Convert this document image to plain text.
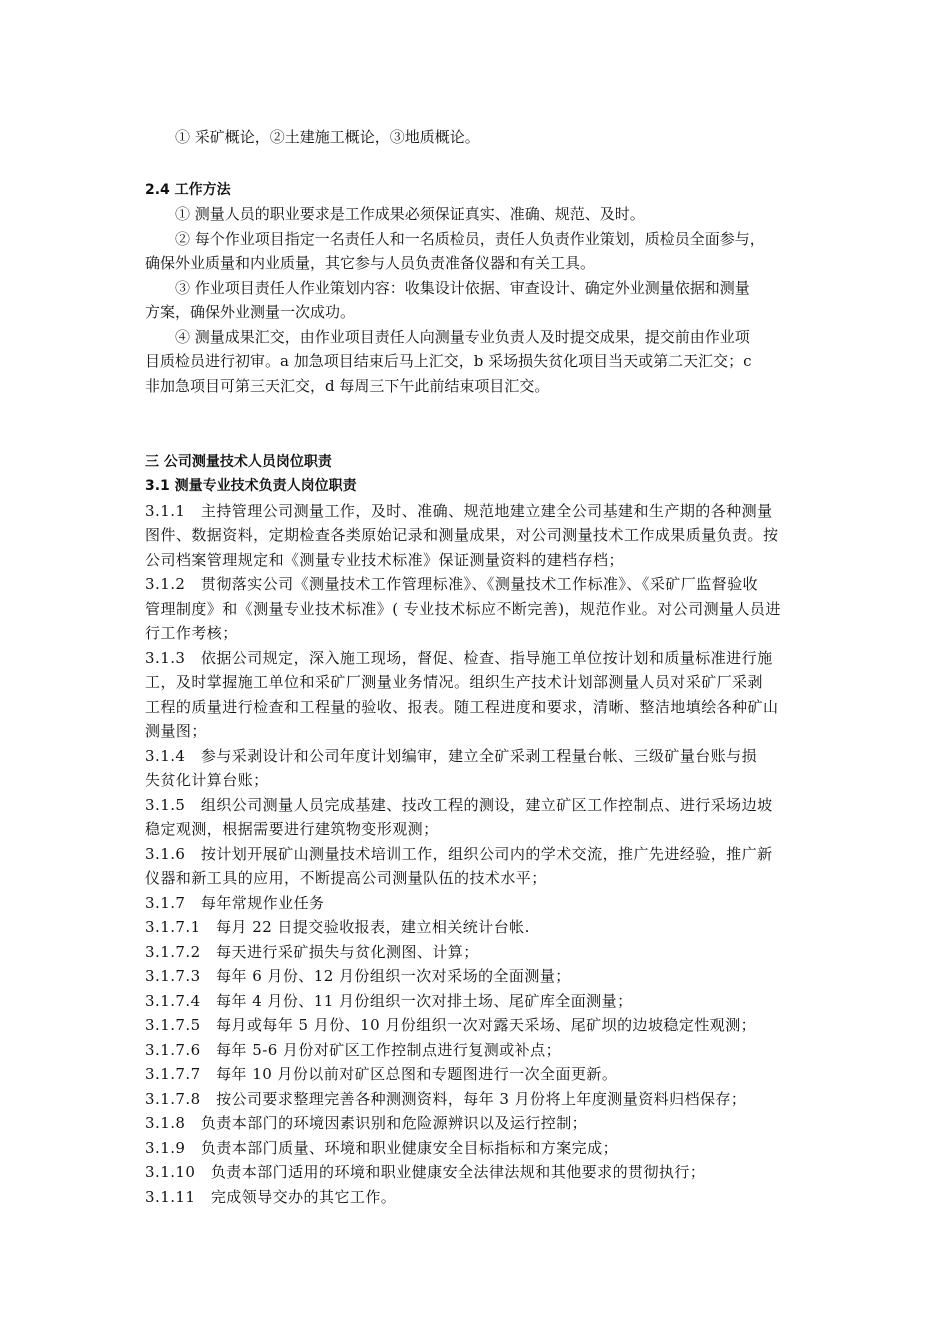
① 采矿概论，②土建施工概论，③地质概论。
2.4 工作方法
① 测量人员的职业要求是工作成果必须保证真实、准确、规范、及时。
② 每个作业项目指定一名责任人和一名质检员，责任人负责作业策划，质检员全面参与，
确保外业质量和内业质量，其它参与人员负责准备仪器和有关工具。
③ 作业项目责任人作业策划内容：收集设计依据、审查设计、确定外业测量依据和测量
方案，确保外业测量一次成功。
④ 测量成果汇交，由作业项目责任人向测量专业负责人及时提交成果，提交前由作业项
目质检员进行初审。a 加急项目结束后马上汇交，b 采场损失贫化项目当天或第二天汇交；c
非加急项目可第三天汇交，d 每周三下午此前结束项目汇交。
三 公司测量技术人员岗位职责
3.1 测量专业技术负责人岗位职责
3.1.1　主持管理公司测量工作，及时、准确、规范地建立建全公司基建和生产期的各种测量
图件、数据资料，定期检查各类原始记录和测量成果，对公司测量技术工作成果质量负责。按
公司档案管理规定和《测量专业技术标准》保证测量资料的建档存档；
3.1.2　贯彻落实公司《测量技术工作管理标准》、《测量技术工作标准》、《采矿厂监督验收
管理制度》和《测量专业技术标准》( 专业技术标应不断完善)，规范作业。对公司测量人员进
行工作考核；
3.1.3　依据公司规定，深入施工现场，督促、检查、指导施工单位按计划和质量标准进行施
工，及时掌握施工单位和采矿厂测量业务情况。组织生产技术计划部测量人员对采矿厂采剥
工程的质量进行检查和工程量的验收、报表。随工程进度和要求，清晰、整洁地填绘各种矿山
测量图；
3.1.4　参与采剥设计和公司年度计划编审，建立全矿采剥工程量台帐、三级矿量台账与损
失贫化计算台账；
3.1.5　组织公司测量人员完成基建、技改工程的测设，建立矿区工作控制点、进行采场边坡
稳定观测，根据需要进行建筑物变形观测；
3.1.6　按计划开展矿山测量技术培训工作，组织公司内的学术交流，推广先进经验，推广新
仪器和新工具的应用，不断提高公司测量队伍的技术水平；
3.1.7　每年常规作业任务
3.1.7.1　每月 22 日提交验收报表，建立相关统计台帐.
3.1.7.2　每天进行采矿损失与贫化测图、计算；
3.1.7.3　每年 6 月份、12 月份组织一次对采场的全面测量；
3.1.7.4　每年 4 月份、11 月份组织一次对排土场、尾矿库全面测量；
3.1.7.5　每月或每年 5 月份、10 月份组织一次对露天采场、尾矿坝的边坡稳定性观测；
3.1.7.6　每年 5-6 月份对矿区工作控制点进行复测或补点；
3.1.7.7　每年 10 月份以前对矿区总图和专题图进行一次全面更新。
3.1.7.8　按公司要求整理完善各种测测资料，每年 3 月份将上年度测量资料归档保存；
3.1.8　负责本部门的环境因素识别和危险源辨识以及运行控制；
3.1.9　负责本部门质量、环境和职业健康安全目标指标和方案完成；
3.1.10　负责本部门适用的环境和职业健康安全法律法规和其他要求的贯彻执行；
3.1.11　完成领导交办的其它工作。
